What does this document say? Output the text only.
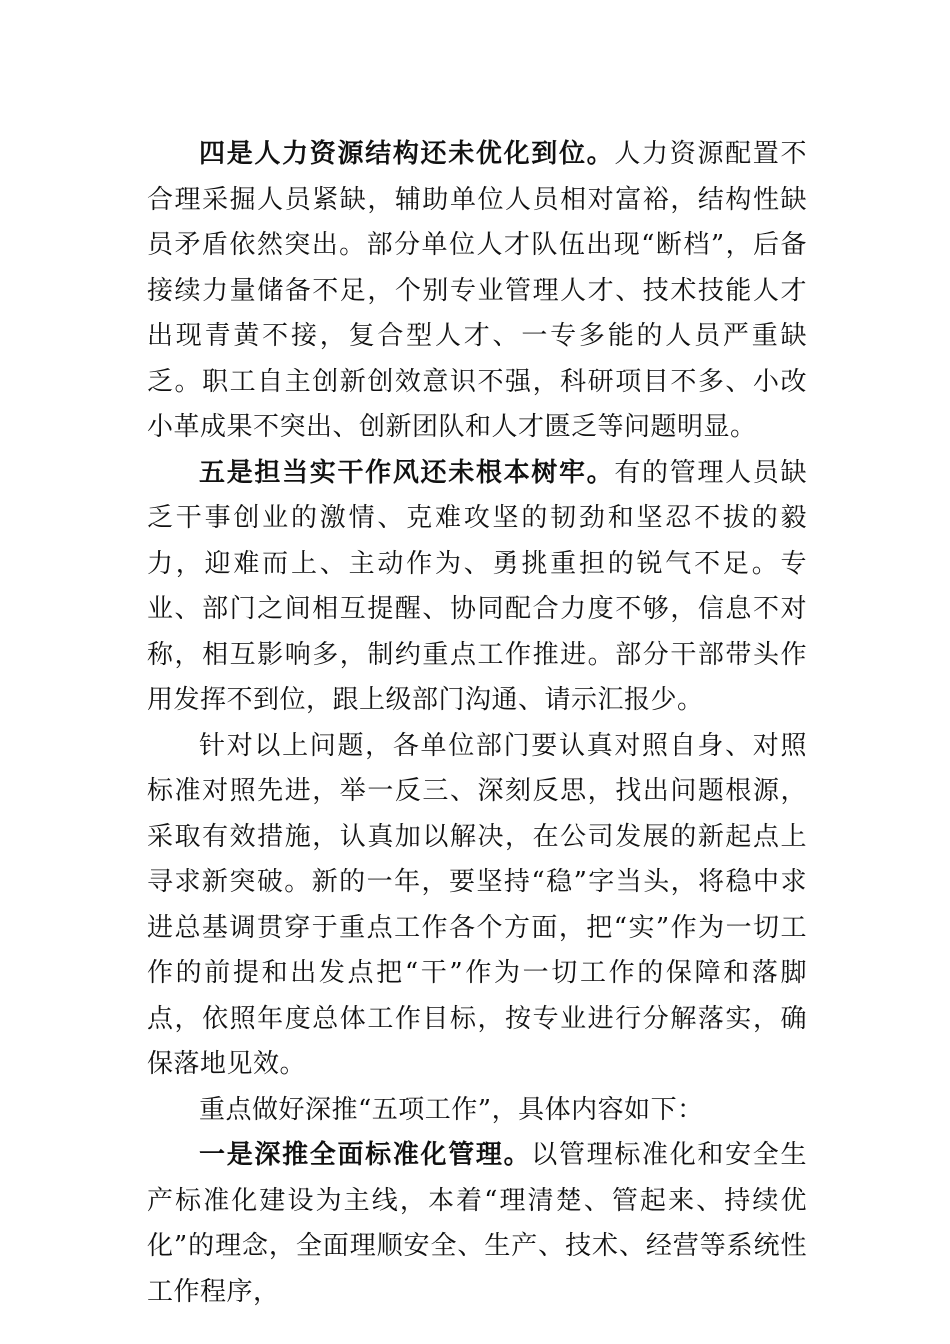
四是人力资源结构还未优化到位。人力资源配置不合理采掘人员紧缺，辅助单位人员相对富裕，结构性缺员矛盾依然突出。部分单位人才队伍出现“断档”，后备接续力量储备不足，个别专业管理人才、技术技能人才出现青黄不接，复合型人才、一专多能的人员严重缺乏。职工自主创新创效意识不强，科研项目不多、小改小革成果不突出、创新团队和人才匮乏等问题明显。

五是担当实干作风还未根本树牢。有的管理人员缺乏干事创业的激情、克难攻坚的韧劲和坚忍不拔的毅力，迎难而上、主动作为、勇挑重担的锐气不足。专业、部门之间相互提醒、协同配合力度不够，信息不对称，相互影响多，制约重点工作推进。部分干部带头作用发挥不到位，跟上级部门沟通、请示汇报少。

针对以上问题，各单位部门要认真对照自身、对照标准对照先进，举一反三、深刻反思，找出问题根源，采取有效措施，认真加以解决，在公司发展的新起点上寻求新突破。新的一年，要坚持“稳”字当头，将稳中求进总基调贯穿于重点工作各个方面，把“实”作为一切工作的前提和出发点把“干”作为一切工作的保障和落脚点，依照年度总体工作目标，按专业进行分解落实，确保落地见效。

重点做好深推“五项工作”，具体内容如下：

一是深推全面标准化管理。以管理标准化和安全生产标准化建设为主线，本着“理清楚、管起来、持续优化”的理念，全面理顺安全、生产、技术、经营等系统性工作程序，
